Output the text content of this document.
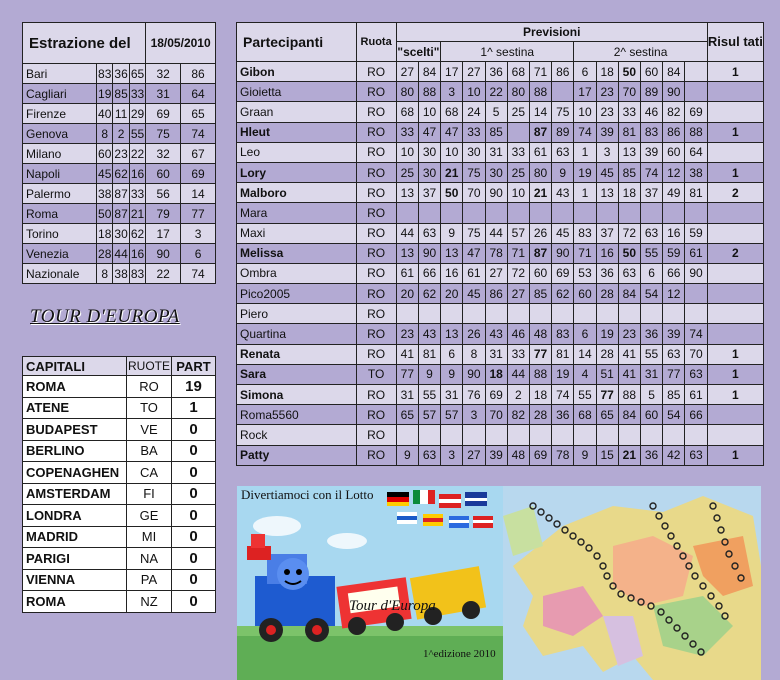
Estrazione del				18/05/2010	
Bari	83	36	65	32	86
Cagliari	19	85	33	31	64
Firenze	40	11	29	69	65
Genova	8	2	55	75	74
Milano	60	23	22	32	67
Napoli	45	62	16	60	69
Palermo	38	87	33	56	14
Roma	50	87	21	79	77
Torino	18	30	62	17	3
Venezia	28	44	16	90	6
Nazionale	8	38	83	22	74
TOUR D'EUROPA
CAPITALI	RUOTE	PART
ROMA	RO	19
ATENE	TO	1
BUDAPEST	VE	0
BERLINO	BA	0
COPENAGHEN	CA	0
AMSTERDAM	FI	0
LONDRA	GE	0
MADRID	MI	0
PARIGI	NA	0
VIENNA	PA	0
ROMA	NZ	0
Partecipanti	Ruota	Previsioni														Risul tati
		"scelti"		1^ sestina						2^ sestina						
Gibon	RO	27	84	17	27	36	68	71	86	6	18	50	60	84		1
Gioietta	RO	80	88	3	10	22	80	88		17	23	70	89	90		
Graan	RO	68	10	68	24	5	25	14	75	10	23	33	46	82	69	
Hleut	RO	33	47	47	33	85		87	89	74	39	81	83	86	88	1
Leo	RO	10	30	10	30	31	33	61	63	1	3	13	39	60	64	
Lory	RO	25	30	21	75	30	25	80	9	19	45	85	74	12	38	1
Malboro	RO	13	37	50	70	90	10	21	43	1	13	18	37	49	81	2
Mara	RO															
Maxi	RO	44	63	9	75	44	57	26	45	83	37	72	63	16	59	
Melissa	RO	13	90	13	47	78	71	87	90	71	16	50	55	59	61	2
Ombra	RO	61	66	16	61	27	72	60	69	53	36	63	6	66	90	
Pico2005	RO	20	62	20	45	86	27	85	62	60	28	84	54	12		
Piero	RO															
Quartina	RO	23	43	13	26	43	46	48	83	6	19	23	36	39	74	
Renata	RO	41	81	6	8	31	33	77	81	14	28	41	55	63	70	1
Sara	TO	77	9	9	90	18	44	88	19	4	51	41	31	77	63	1
Simona	RO	31	55	31	76	69	2	18	74	55	77	88	5	85	61	1
Roma5560	RO	65	57	57	3	70	82	28	36	68	65	84	60	54	66	
Rock	RO															
Patty	RO	9	63	3	27	39	48	69	78	9	15	21	36	42	63	1
Divertiamoci con il Lotto
Tour d'Europa
1^edizione 2010
